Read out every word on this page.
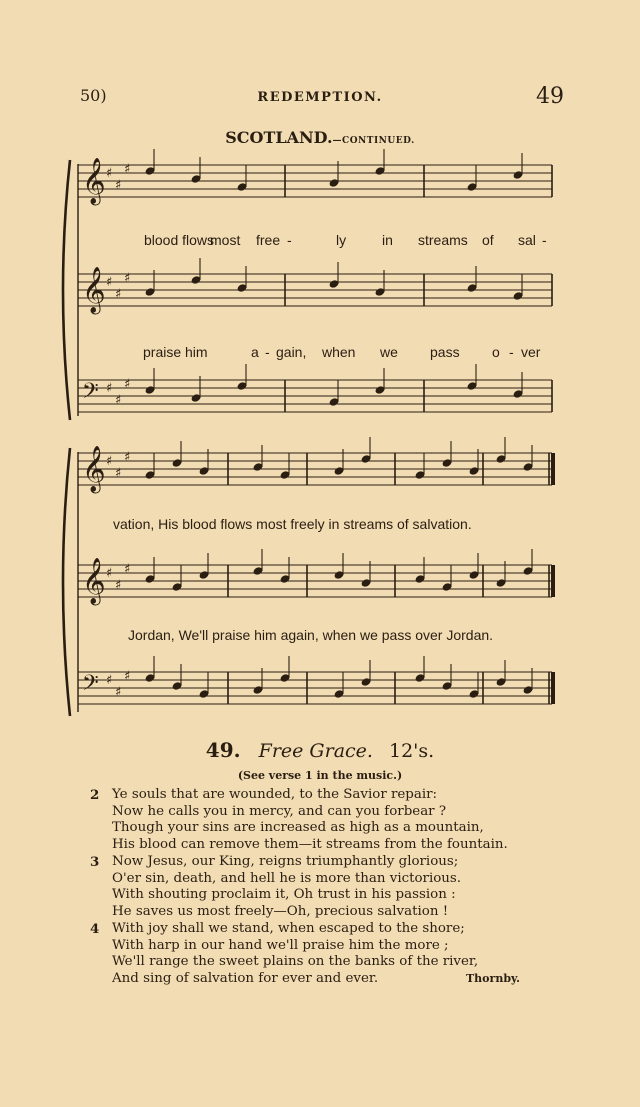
50)	REDEMPTION.	49
SCOTLAND.—CONTINUED.
𝄞 ♯
♯
♯
𝄞 ♯
♯
♯
𝄢 ♯
♯
♯
𝄞 ♯
♯
♯
𝄞 ♯
♯
♯
𝄢 ♯
♯
♯
blood flows
most free -	ly	in streams of sal -
praise him	a - gain, when we pass o - ver
vation, His blood flows most freely in streams of salvation.
Jordan, We'll praise him again, when we pass over Jordan.
49. Free Grace. 12's.
(See verse 1 in the music.)
2 Ye souls that are wounded, to the Savior repair:
Now he calls you in mercy, and can you forbear ?
Though your sins are increased as high as a mountain,
His blood can remove them—it streams from the fountain.
3 Now Jesus, our King, reigns triumphantly glorious;
O'er sin, death, and hell he is more than victorious.
With shouting proclaim it, Oh trust in his passion :
He saves us most freely—Oh, precious salvation !
4 With joy shall we stand, when escaped to the shore;
With harp in our hand we'll praise him the more ;
We'll range the sweet plains on the banks of the river,
And sing of salvation for ever and ever.	Thornby.
